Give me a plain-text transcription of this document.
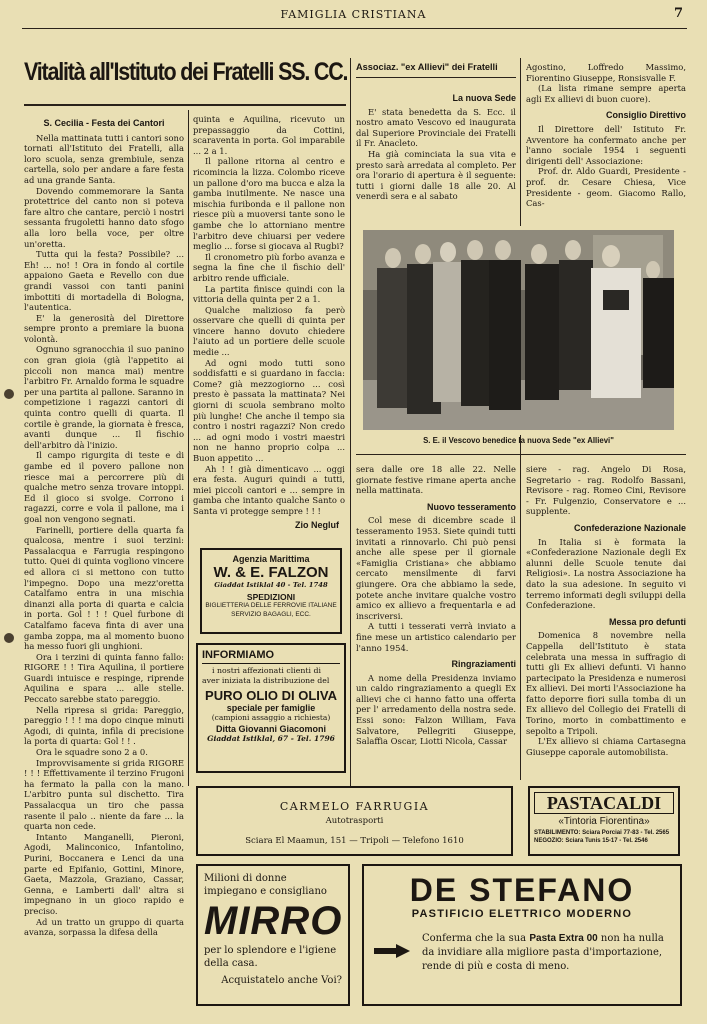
FAMIGLIA CRISTIANA	7
Vitalità all'Istituto dei Fratelli SS. CC.
S. Cecilia - Festa dei Cantori

Nella mattinata tutti i cantori sono tornati all'Istituto dei Fratelli, alla loro scuola, senza grembiule, senza cartella, solo per andare a fare festa ad una grande Santa.

Dovendo commemorare la Santa protettrice del canto non si poteva fare altro che cantare, perciò i nostri sessanta frugoletti hanno dato sfogo alla loro bella voce, per oltre un'oretta.

Tutta qui la festa? Possibile? ... Eh! ... no! ! Ora in fondo al cortile appaiono Gaeta e Revello con due grandi vassoi con tanti panini imbottiti di mortadella di Bologna, l'autentica.

E' la generosità del Direttore sempre pronto a premiare la buona volontà.

Ognuno sgranocchia il suo panino con gran gioia (già l'appetito ai piccoli non manca mai) mentre l'arbitro Fr. Arnaldo forma le squadre per una partita al pallone. Saranno in competizione i ragazzi cantori di quinta contro quelli di quarta. Il cortile è grande, la giornata è fresca, avanti dunque ... Il fischio dell'arbitro dà l'inizio.

Il campo rigurgita di teste e di gambe ed il povero pallone non riesce mai a percorrere più di qualche metro senza trovare intoppi. Ed il gioco si svolge. Corrono i ragazzi, corre e vola il pallone, ma i goal non vengono segnati.

Farinelli, portiere della quarta fa qualcosa, mentre i suoi terzini: Passalacqua e Farrugia respingono tutto. Quei di quinta vogliono vincere ed allora ci si mettono con tutto l'impegno. Dopo una mezz'oretta Catalfamo entra in una mischia dinanzi alla porta di quarta e calcia in porta. Gol ! ! ! Quel furbone di Catalfamo faceva finta di aver una gamba zoppa, ma al momento buono ha messo fuori gli unghioni.

Ora i terzini di quinta fanno fallo: RIGORE ! ! Tira Aquilina, il portiere Guardi intuisce e respinge, riprende Aquilina e spara ... alle stelle. Peccato sarebbe stato pareggio.

Nella ripresa si grida: Pareggio, pareggio ! ! ! ma dopo cinque minuti Agodi, di quinta, infila di precisione la porta di quarta: Gol ! ! .

Ora le squadre sono 2 a 0.

Improvvisamente si grida RIGORE ! ! ! Effettivamente il terzino Frugoni ha fermato la palla con la mano. L'arbitro punta sul dischetto. Tira Passalacqua un tiro che passa rasente il palo .. niente da fare ... la quarta non cede.

Intanto Manganelli, Pieroni, Agodi, Malinconico, Infantolino, Purini, Boccanera e Lenci da una parte ed Epifanio, Gottini, Minore, Gaeta, Mazzola, Graziano, Cassar, Genna, e Lamberti dall' altra si impegnano in un gioco rapido e preciso.

Ad un tratto un gruppo di quarta avanza, sorpassa la difesa della

quinta e Aquilina, ricevuto un prepassaggio da Cottini, scaraventa in porta. Gol imparabile ... 2 a 1.

Il pallone ritorna al centro e ricomincia la lizza. Colombo riceve un pallone d'oro ma bucca e alza la gamba inutilmente. Ne nasce una mischia furibonda e il pallone non riesce più a muoversi tante sono le gambe che lo attorniano mentre l'arbitro deve chiuarsi per vedere meglio ... forse si giocava al Rugbi?

Il cronometro più forbo avanza e segna la fine che il fischio dell' arbitro rende ufficiale.

La partita finisce quindi con la vittoria della quinta per 2 a 1.

Qualche malizioso fa però osservare che quelli di quinta per vincere hanno dovuto chiedere l'aiuto ad un portiere delle scuole medie ...

Ad ogni modo tutti sono soddisfatti e si guardano in faccia: Come? già mezzogiorno ... così presto è passata la mattinata? Nei giorni di scuola sembrano molto più lunghe! Che anche il tempo sia contro i nostri ragazzi? Non credo ... ad ogni modo i vostri maestri non ne hanno proprio colpa ... Buon appetito ...

Ah ! ! già dimenticavo ... oggi era festa. Auguri quindi a tutti, miei piccoli cantori e ... sempre in gamba che intanto qualche Santo o Santa vi protegge sempre ! ! !

Zio Negluf
Agenzia Marittima
W. & E. FALZON
Giaddat Istiklal 40 - Tel. 1748
SPEDIZIONI
BIGLIETTERIA DELLE FERROVIE ITALIANE
SERVIZIO BAGAGLI, ECC.
INFORMIAMO
i nostri affezionati clienti di aver iniziata la distribuzione del
PURO OLIO DI OLIVA
speciale per famiglie
(campioni assaggio a richiesta)
Ditta Giovanni Giacomoni
Giaddat Istiklal, 67 - Tel. 1796
Associaz. "ex Allievi" dei Fratelli
La nuova Sede

E' stata benedetta da S. Ecc. il nostro amato Vescovo ed inaugurata dal Superiore Provinciale dei Fratelli il Fr. Anacleto.

Ha già cominciata la sua vita e presto sarà arredata al completo. Per ora l'orario di apertura è il seguente: tutti i giorni dalle 18 alle 20. Al venerdì sera e al sabato

Agostino, Loffredo Massimo, Fiorentino Giuseppe, Ronsisvalle F.

(La lista rimane sempre aperta agli Ex allievi di buon cuore).

Consiglio Direttivo

Il Direttore dell' Istituto Fr. Avventore ha confermato anche per l'anno sociale 1954 i seguenti dirigenti dell' Associazione:

Prof. dr. Aldo Guardi, Presidente - prof. dr. Cesare Chiesa, Vice Presidente - geom. Giacomo Rallo, Cas-

S. E. il Vescovo benedice la nuova Sede "ex Allievi"

sera dalle ore 18 alle 22. Nelle giornate festive rimane aperta anche nella mattinata.

Nuovo tesseramento

Col mese di dicembre scade il tesseramento 1953. Siete quindi tutti invitati a rinnovarlo. Chi può pensi anche alle spese per il giornale «Famiglia Cristiana» che abbiamo cercato mensilmente di farvi giungere. Ora che abbiamo la sede, potete anche invitare qualche vostro amico ex allievo a frequentarla e ad inscriversi.

A tutti i tesserati verrà inviato a fine mese un artistico calendario per l'anno 1954.

Ringraziamenti

A nome della Presidenza inviamo un caldo ringraziamento a quegli Ex allievi che ci hanno fatto una offerta per l' arredamento della nostra sede. Essi sono: Falzon William, Fava Salvatore, Pellegriti Giuseppe, Salaffia Oscar, Liotti Nicola, Cassar

siere - rag. Angelo Di Rosa, Segretario - rag. Rodolfo Bassani, Revisore - rag. Romeo Cini, Revisore - Fr. Fulgenzio, Conservatore e ... supplente.

Confederazione Nazionale

In Italia si è formata la «Confederazione Nazionale degli Ex alunni delle Scuole tenute dai Religiosi». La nostra Associazione ha dato la sua adesione. In seguito vi terremo informati degli sviluppi della Confederazione.

Messa pro defunti

Domenica 8 novembre nella Cappella dell'Istituto è stata celebrata una messa in suffragio di tutti gli Ex allievi defunti. Vi hanno partecipato la Presidenza e numerosi Ex allievi. Dei morti l'Associazione ha fatto deporre fiori sulla tomba di un Ex allievo del Collegio dei Fratelli di Torino, morto in combattimento e sepolto a Tripoli.

L'Ex allievo si chiama Cartasegna Giuseppe caporale automobilista.

CARMELO FARRUGIA
Autotrasporti
Sciara El Maamun, 151 — Tripoli — Telefono 1610
PASTACALDI
«Tintoria Fiorentina»
STABILIMENTO: Sciara Porciai 77-83 - Tel. 2565
NEGOZIO: Sciara Tunis 15-17 - Tel. 2546
Milioni di donne impiegano e consigliano
MIRRO
per lo splendore e l'igiene della casa.
Acquistatelo anche Voi?
DE STEFANO
PASTIFICIO ELETTRICO MODERNO
Conferma che la sua Pasta Extra 00 non ha nulla da invidiare alla migliore pasta d'importazione, rende di più e costa di meno.
